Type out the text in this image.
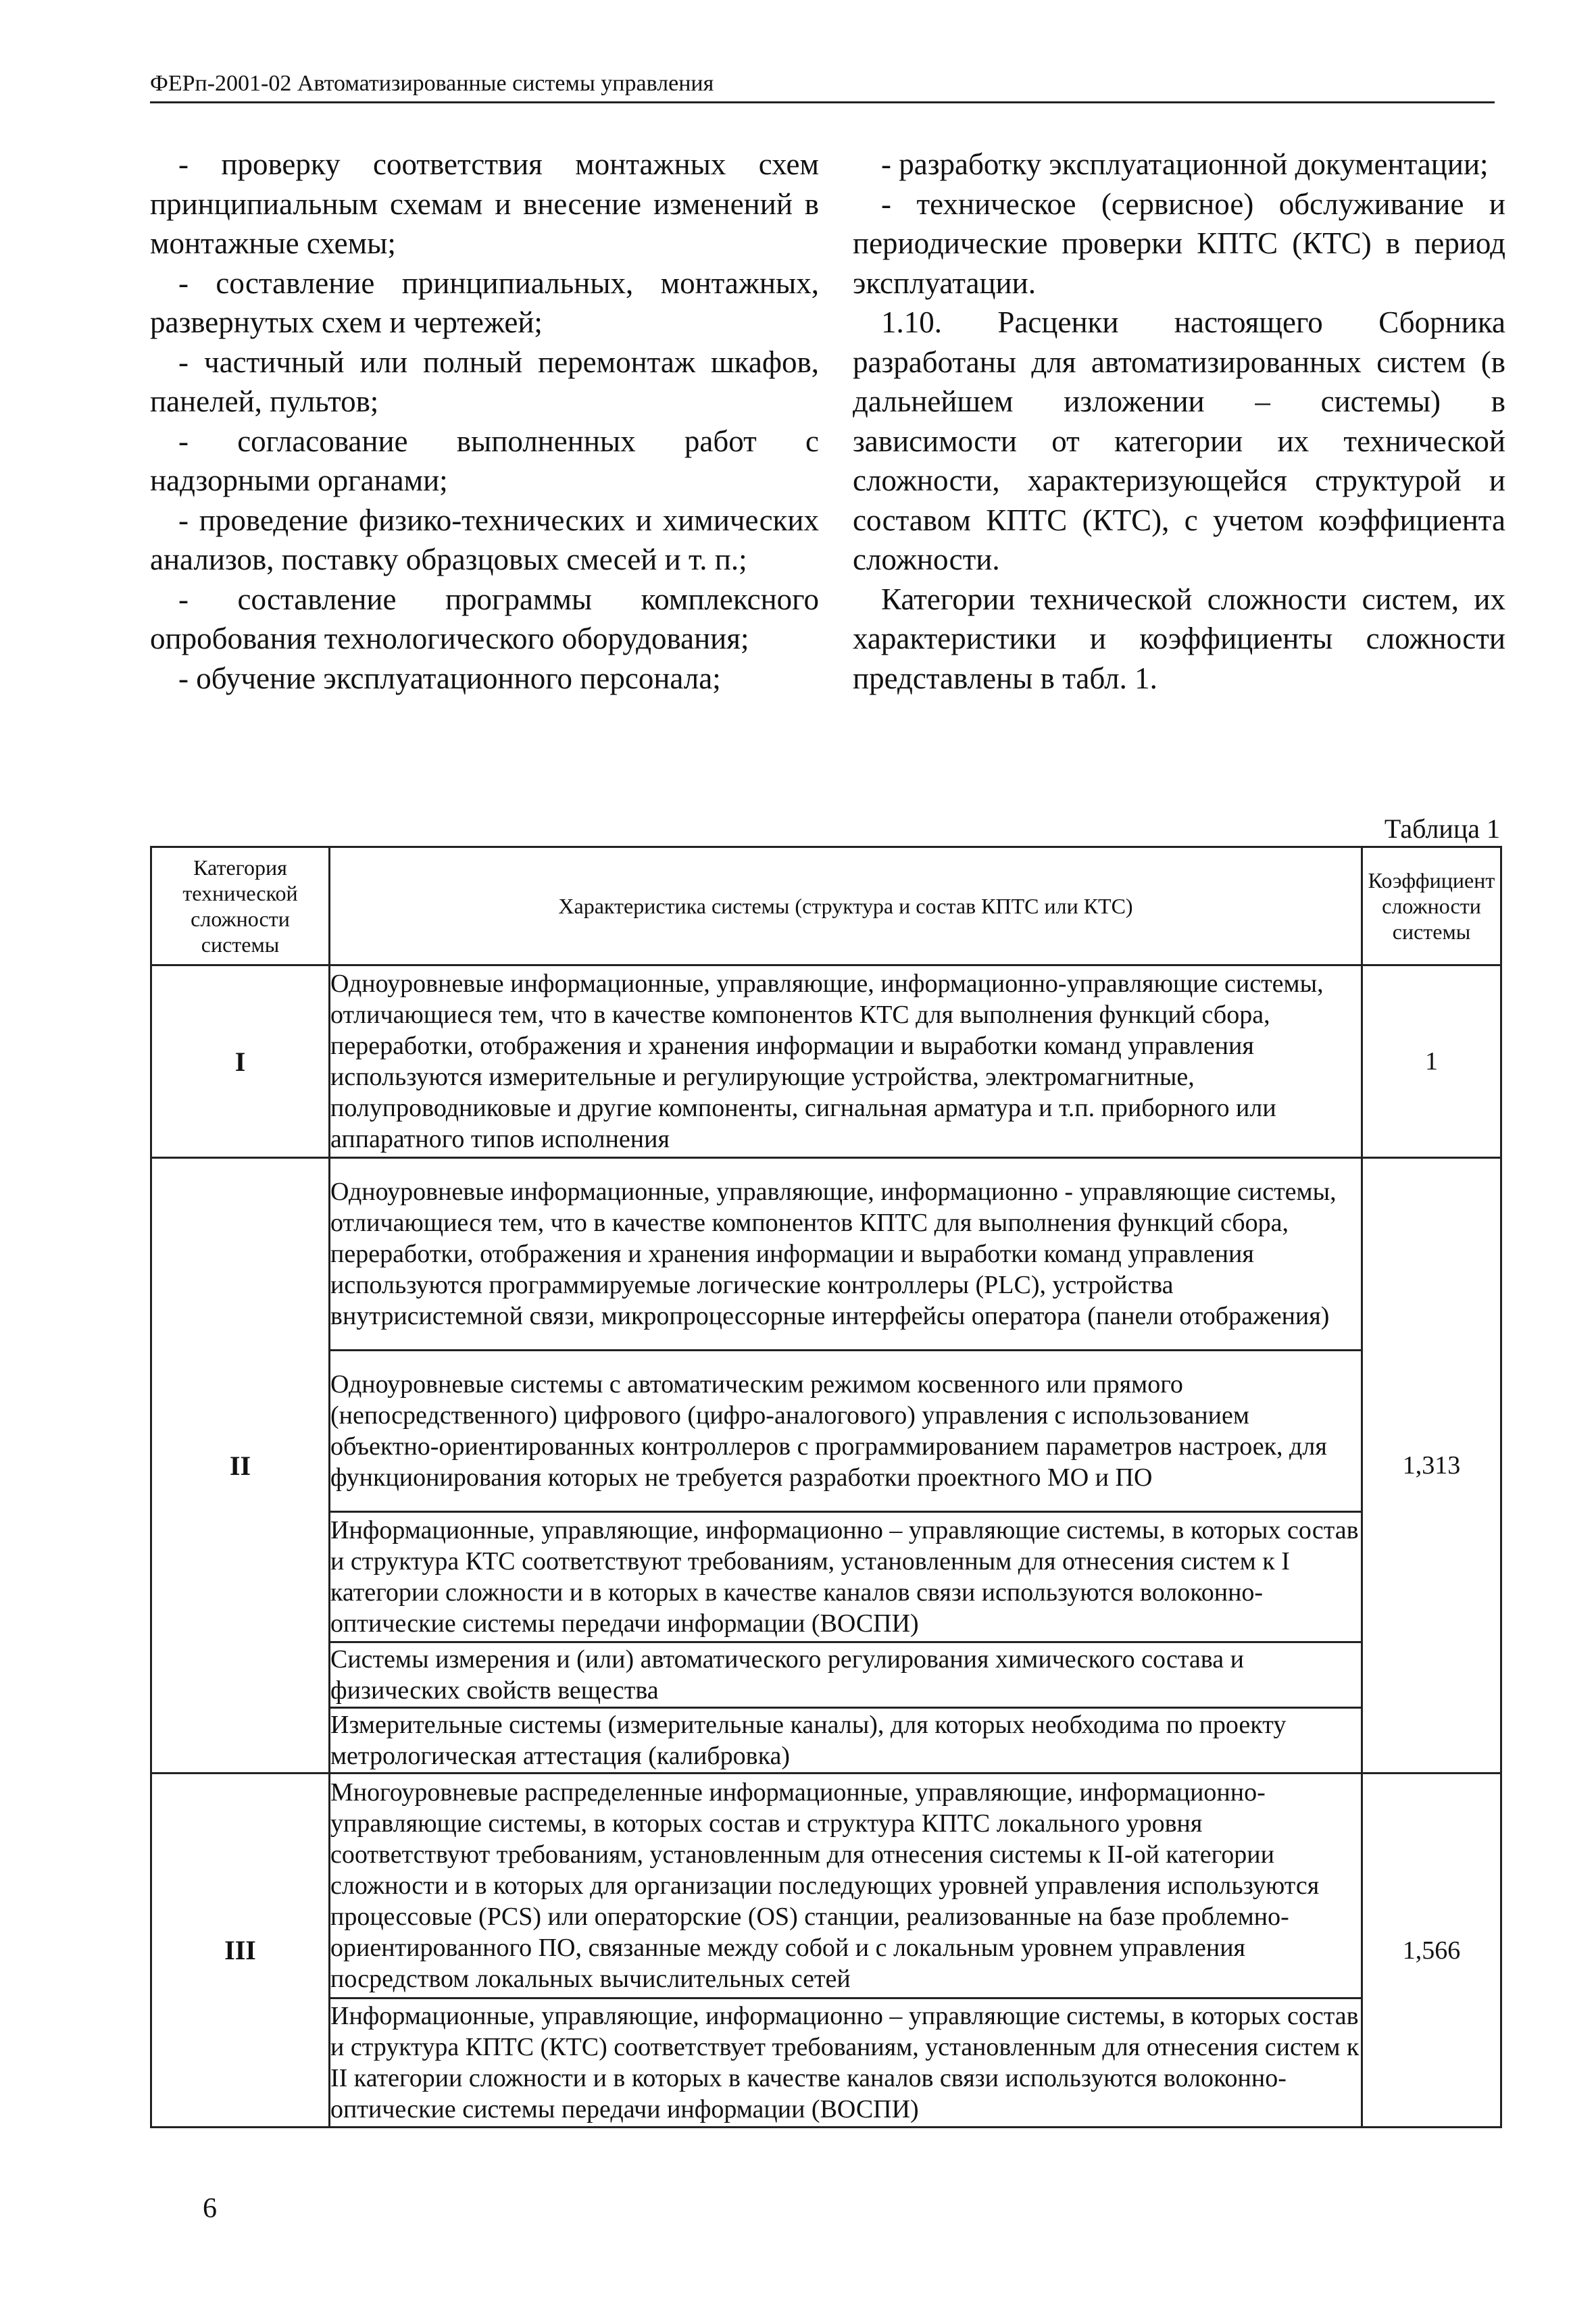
ФЕРп-2001-02 Автоматизированные системы управления

- проверку соответствия монтажных схем принципиальным схемам и внесение изменений в монтажные схемы;

- составление принципиальных, монтажных, развернутых схем и чертежей;

- частичный или полный перемонтаж шкафов, панелей, пультов;

- согласование выполненных работ с надзорными органами;

- проведение физико-технических и химических анализов, поставку образцовых смесей и т. п.;

- составление программы комплексного опробования технологического оборудования;

- обучение эксплуатационного персонала;

- разработку эксплуатационной документации;

- техническое (сервисное) обслуживание и периодические проверки КПТС (КТС) в период эксплуатации.

1.10. Расценки настоящего Сборника разработаны для автоматизированных систем (в дальнейшем изложении – системы) в зависимости от категории их технической сложности, характеризующейся структурой и составом КПТС (КТС), с учетом коэффициента сложности.

Категории технической сложности систем, их характеристики и коэффициенты сложности представлены в табл. 1.

Таблица 1
Категория технической сложности системы	Характеристика системы (структура и состав КПТС или КТС)	Коэффициент сложности системы
I	Одноуровневые информационные, управляющие, информационно-управляющие системы, отличающиеся тем, что в качестве компонентов КТС для выполнения функций сбора, переработки, отображения и хранения информации и выработки команд управления используются измерительные и регулирующие устройства, электромагнитные, полупроводниковые и другие компоненты, сигнальная арматура и т.п. приборного или аппаратного типов исполнения	1
II	Одноуровневые информационные, управляющие, информационно - управляющие системы, отличающиеся тем, что в качестве компонентов КПТС для выполнения функций сбора, переработки, отображения и хранения информации и выработки команд управления используются программируемые логические контроллеры (PLC), устройства внутрисистемной связи, микропроцессорные интерфейсы оператора (панели отображения)	1,313
	Одноуровневые системы с автоматическим режимом косвенного или прямого (непосредственного) цифрового (цифро-аналогового) управления с использованием объектно-ориентированных контроллеров с программированием параметров настроек, для функционирования которых не требуется разработки проектного МО и ПО	
	Информационные, управляющие, информационно – управляющие системы, в которых состав и структура КТС соответствуют требованиям, установленным для отнесения систем к I категории сложности и в которых в качестве каналов связи используются волоконно-оптические системы передачи информации (ВОСПИ)	
	Системы измерения и (или) автоматического регулирования химического состава и физических свойств вещества	
	Измерительные системы (измерительные каналы), для которых необходима по проекту метрологическая аттестация (калибровка)	
III	Многоуровневые распределенные информационные, управляющие, информационно-управляющие системы, в которых состав и структура КПТС локального уровня соответствуют требованиям, установленным для отнесения системы к II-ой категории сложности и в которых для организации последующих уровней управления используются процессовые (PCS) или операторские (OS) станции, реализованные на базе проблемно-ориентированного ПО, связанные между собой и с локальным уровнем управления посредством локальных вычислительных сетей	1,566
	Информационные, управляющие, информационно – управляющие системы, в которых состав и структура КПТС (КТС) соответствует требованиям, установленным для отнесения систем к II категории сложности и в которых в качестве каналов связи используются волоконно-оптические системы передачи информации (ВОСПИ)	
6
